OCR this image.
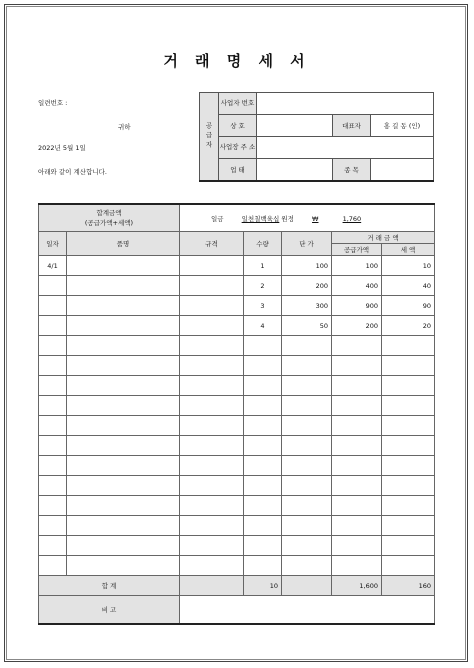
거 래 명 세 서
일련번호 :
귀하
2022년 5월 1일
아래와 같이 계산합니다.
공급자	사업자 번호			
	상 호		대표자	홍 길 동 (인)
	사업장 주 소			
	업 태		종 목	
합계금액
(공급가액+세액)		일금 일천칠백육십 원정 ₩ 1,760				
일자	품명	규격	수량	단 가	거 래 금 액	
					공급가액	세 액
4/1			1	100	100	10
			2	200	400	40
			3	300	900	90
			4	50	200	20

합 계			10		1,600	160
비 고						
